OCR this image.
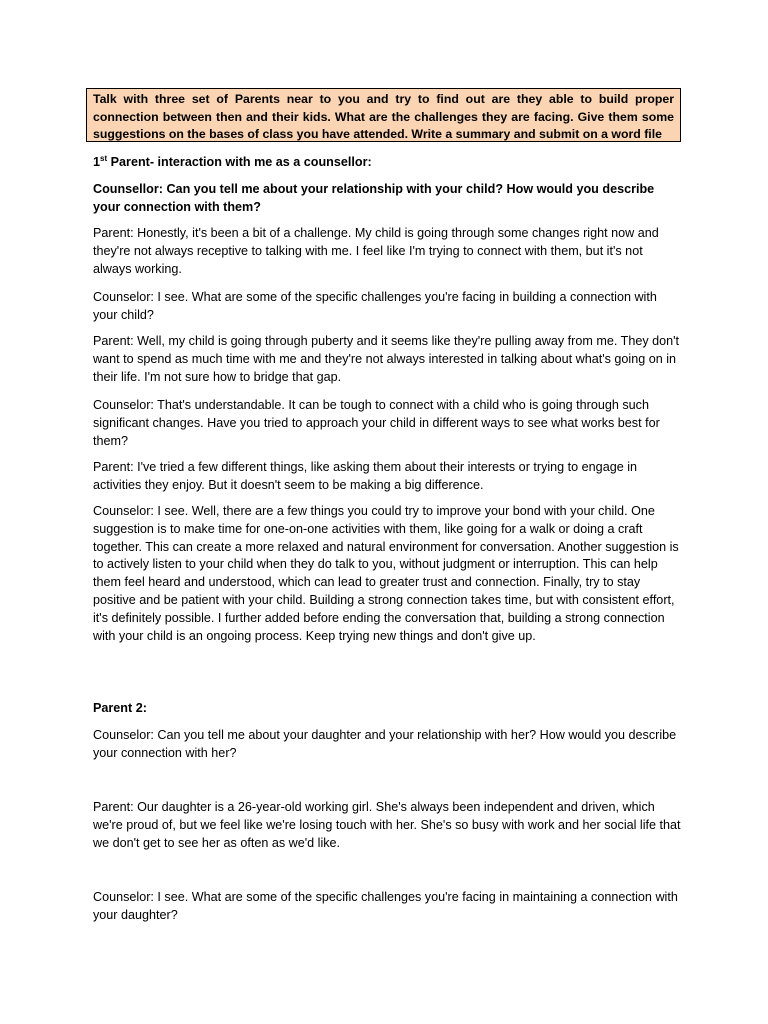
Talk with three set of Parents near to you and try to find out are they able to build proper connection between then and their kids. What are the challenges they are facing. Give them some suggestions on the bases of class you have attended. Write a summary and submit on a word file

1st Parent- interaction with me as a counsellor:

Counsellor: Can you tell me about your relationship with your child? How would you describe your connection with them?

Parent: Honestly, it's been a bit of a challenge. My child is going through some changes right now and they're not always receptive to talking with me. I feel like I'm trying to connect with them, but it's not always working.

Counselor: I see. What are some of the specific challenges you're facing in building a connection with your child?

Parent: Well, my child is going through puberty and it seems like they're pulling away from me. They don't want to spend as much time with me and they're not always interested in talking about what's going on in their life. I'm not sure how to bridge that gap.

Counselor: That's understandable. It can be tough to connect with a child who is going through such significant changes. Have you tried to approach your child in different ways to see what works best for them?

Parent: I've tried a few different things, like asking them about their interests or trying to engage in activities they enjoy. But it doesn't seem to be making a big difference.

Counselor: I see. Well, there are a few things you could try to improve your bond with your child. One suggestion is to make time for one-on-one activities with them, like going for a walk or doing a craft together. This can create a more relaxed and natural environment for conversation. Another suggestion is to actively listen to your child when they do talk to you, without judgment or interruption. This can help them feel heard and understood, which can lead to greater trust and connection. Finally, try to stay positive and be patient with your child. Building a strong connection takes time, but with consistent effort, it's definitely possible. I further added before ending the conversation that, building a strong connection with your child is an ongoing process. Keep trying new things and don't give up.

Parent 2:

Counselor: Can you tell me about your daughter and your relationship with her? How would you describe your connection with her?

Parent: Our daughter is a 26-year-old working girl. She's always been independent and driven, which we're proud of, but we feel like we're losing touch with her. She's so busy with work and her social life that we don't get to see her as often as we'd like.

Counselor: I see. What are some of the specific challenges you're facing in maintaining a connection with your daughter?
